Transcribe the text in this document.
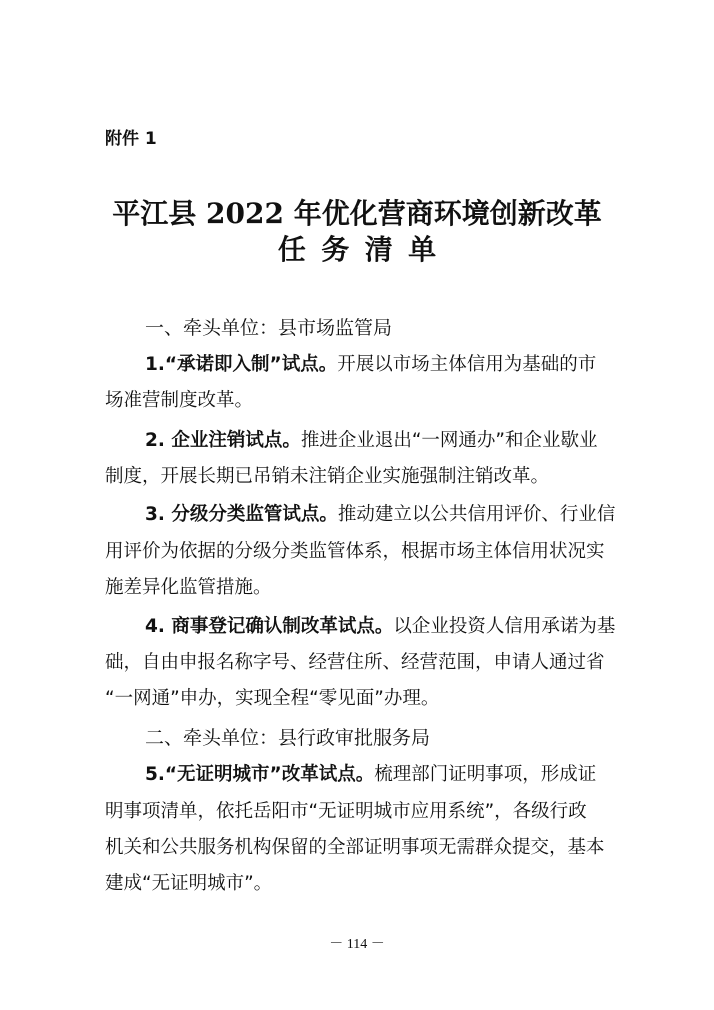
附件 1
平江县 2022 年优化营商环境创新改革
任务清单
一、牵头单位：县市场监管局
1.“承诺即入制”试点。开展以市场主体信用为基础的市
场准营制度改革。
2. 企业注销试点。推进企业退出“一网通办”和企业歇业
制度，开展长期已吊销未注销企业实施强制注销改革。
3. 分级分类监管试点。推动建立以公共信用评价、行业信
用评价为依据的分级分类监管体系，根据市场主体信用状况实
施差异化监管措施。
4. 商事登记确认制改革试点。以企业投资人信用承诺为基
础，自由申报名称字号、经营住所、经营范围，申请人通过省
“一网通”申办，实现全程“零见面”办理。
二、牵头单位：县行政审批服务局
5.“无证明城市”改革试点。梳理部门证明事项，形成证
明事项清单，依托岳阳市“无证明城市应用系统”，各级行政
机关和公共服务机构保留的全部证明事项无需群众提交，基本
建成“无证明城市”。
－ 114 －
